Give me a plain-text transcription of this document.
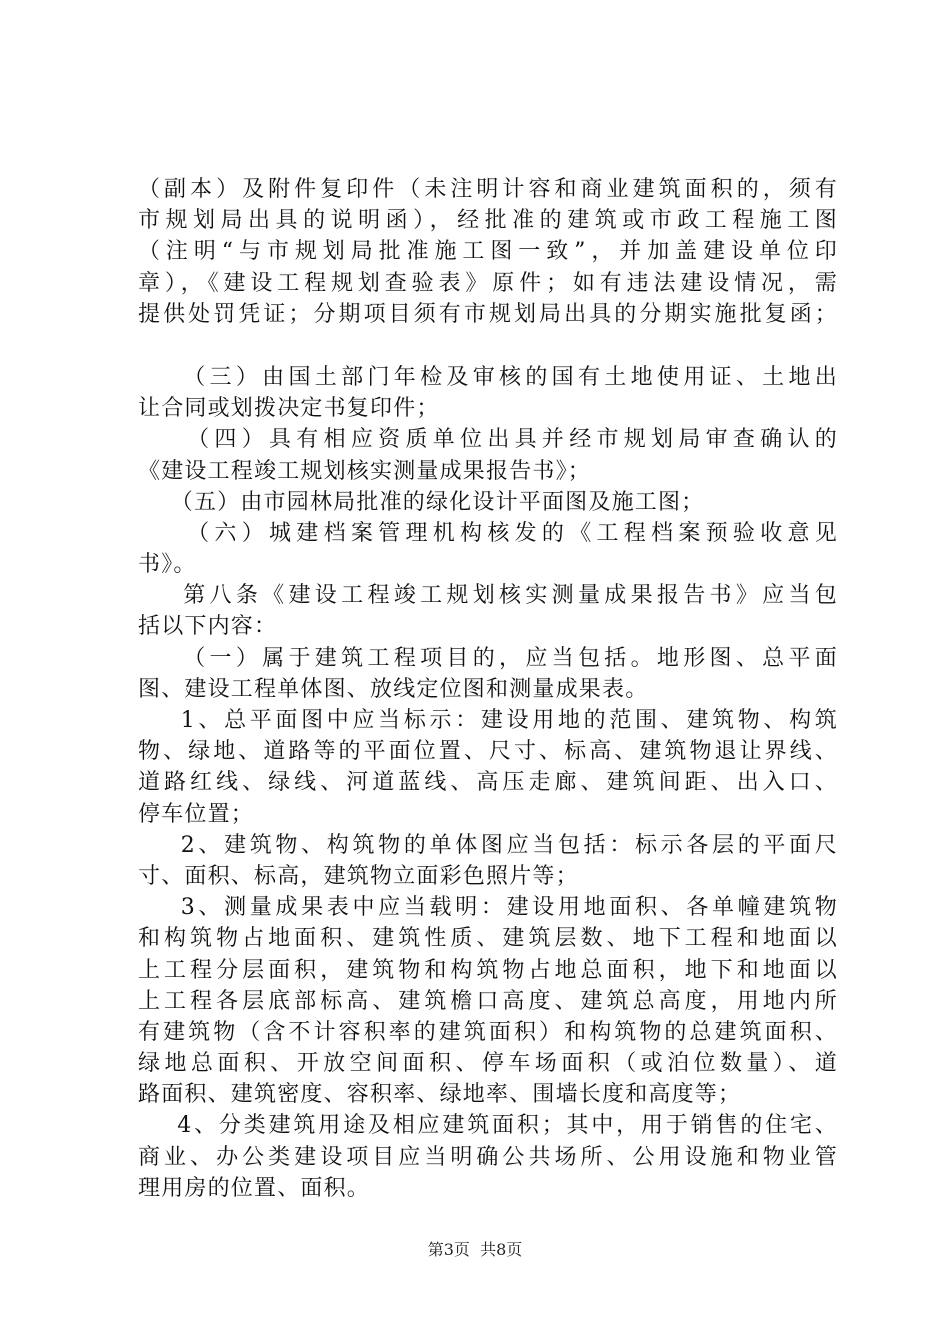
（副本）及附件复印件（未注明计容和商业建筑面积的，须有
市规划局出具的说明函），经批准的建筑或市政工程施工图
（注明“与市规划局批准施工图一致”，并加盖建设单位印
章），《建设工程规划查验表》原件；如有违法建设情况，需
提供处罚凭证；分期项目须有市规划局出具的分期实施批复函；
（三）由国土部门年检及审核的国有土地使用证、土地出
让合同或划拨决定书复印件；
（四）具有相应资质单位出具并经市规划局审查确认的
《建设工程竣工规划核实测量成果报告书》；
（五）由市园林局批准的绿化设计平面图及施工图；
（六）城建档案管理机构核发的《工程档案预验收意见
书》。
第八条《建设工程竣工规划核实测量成果报告书》应当包
括以下内容：
（一）属于建筑工程项目的，应当包括。地形图、总平面
图、建设工程单体图、放线定位图和测量成果表。
1、总平面图中应当标示：建设用地的范围、建筑物、构筑
物、绿地、道路等的平面位置、尺寸、标高、建筑物退让界线、
道路红线、绿线、河道蓝线、高压走廊、建筑间距、出入口、
停车位置；
2、建筑物、构筑物的单体图应当包括：标示各层的平面尺
寸、面积、标高，建筑物立面彩色照片等；
3、测量成果表中应当载明：建设用地面积、各单幢建筑物
和构筑物占地面积、建筑性质、建筑层数、地下工程和地面以
上工程分层面积，建筑物和构筑物占地总面积，地下和地面以
上工程各层底部标高、建筑檐口高度、建筑总高度，用地内所
有建筑物（含不计容积率的建筑面积）和构筑物的总建筑面积、
绿地总面积、开放空间面积、停车场面积（或泊位数量）、道
路面积、建筑密度、容积率、绿地率、围墙长度和高度等；
4、分类建筑用途及相应建筑面积；其中，用于销售的住宅、
商业、办公类建设项目应当明确公共场所、公用设施和物业管
理用房的位置、面积。
第3页  共8页
